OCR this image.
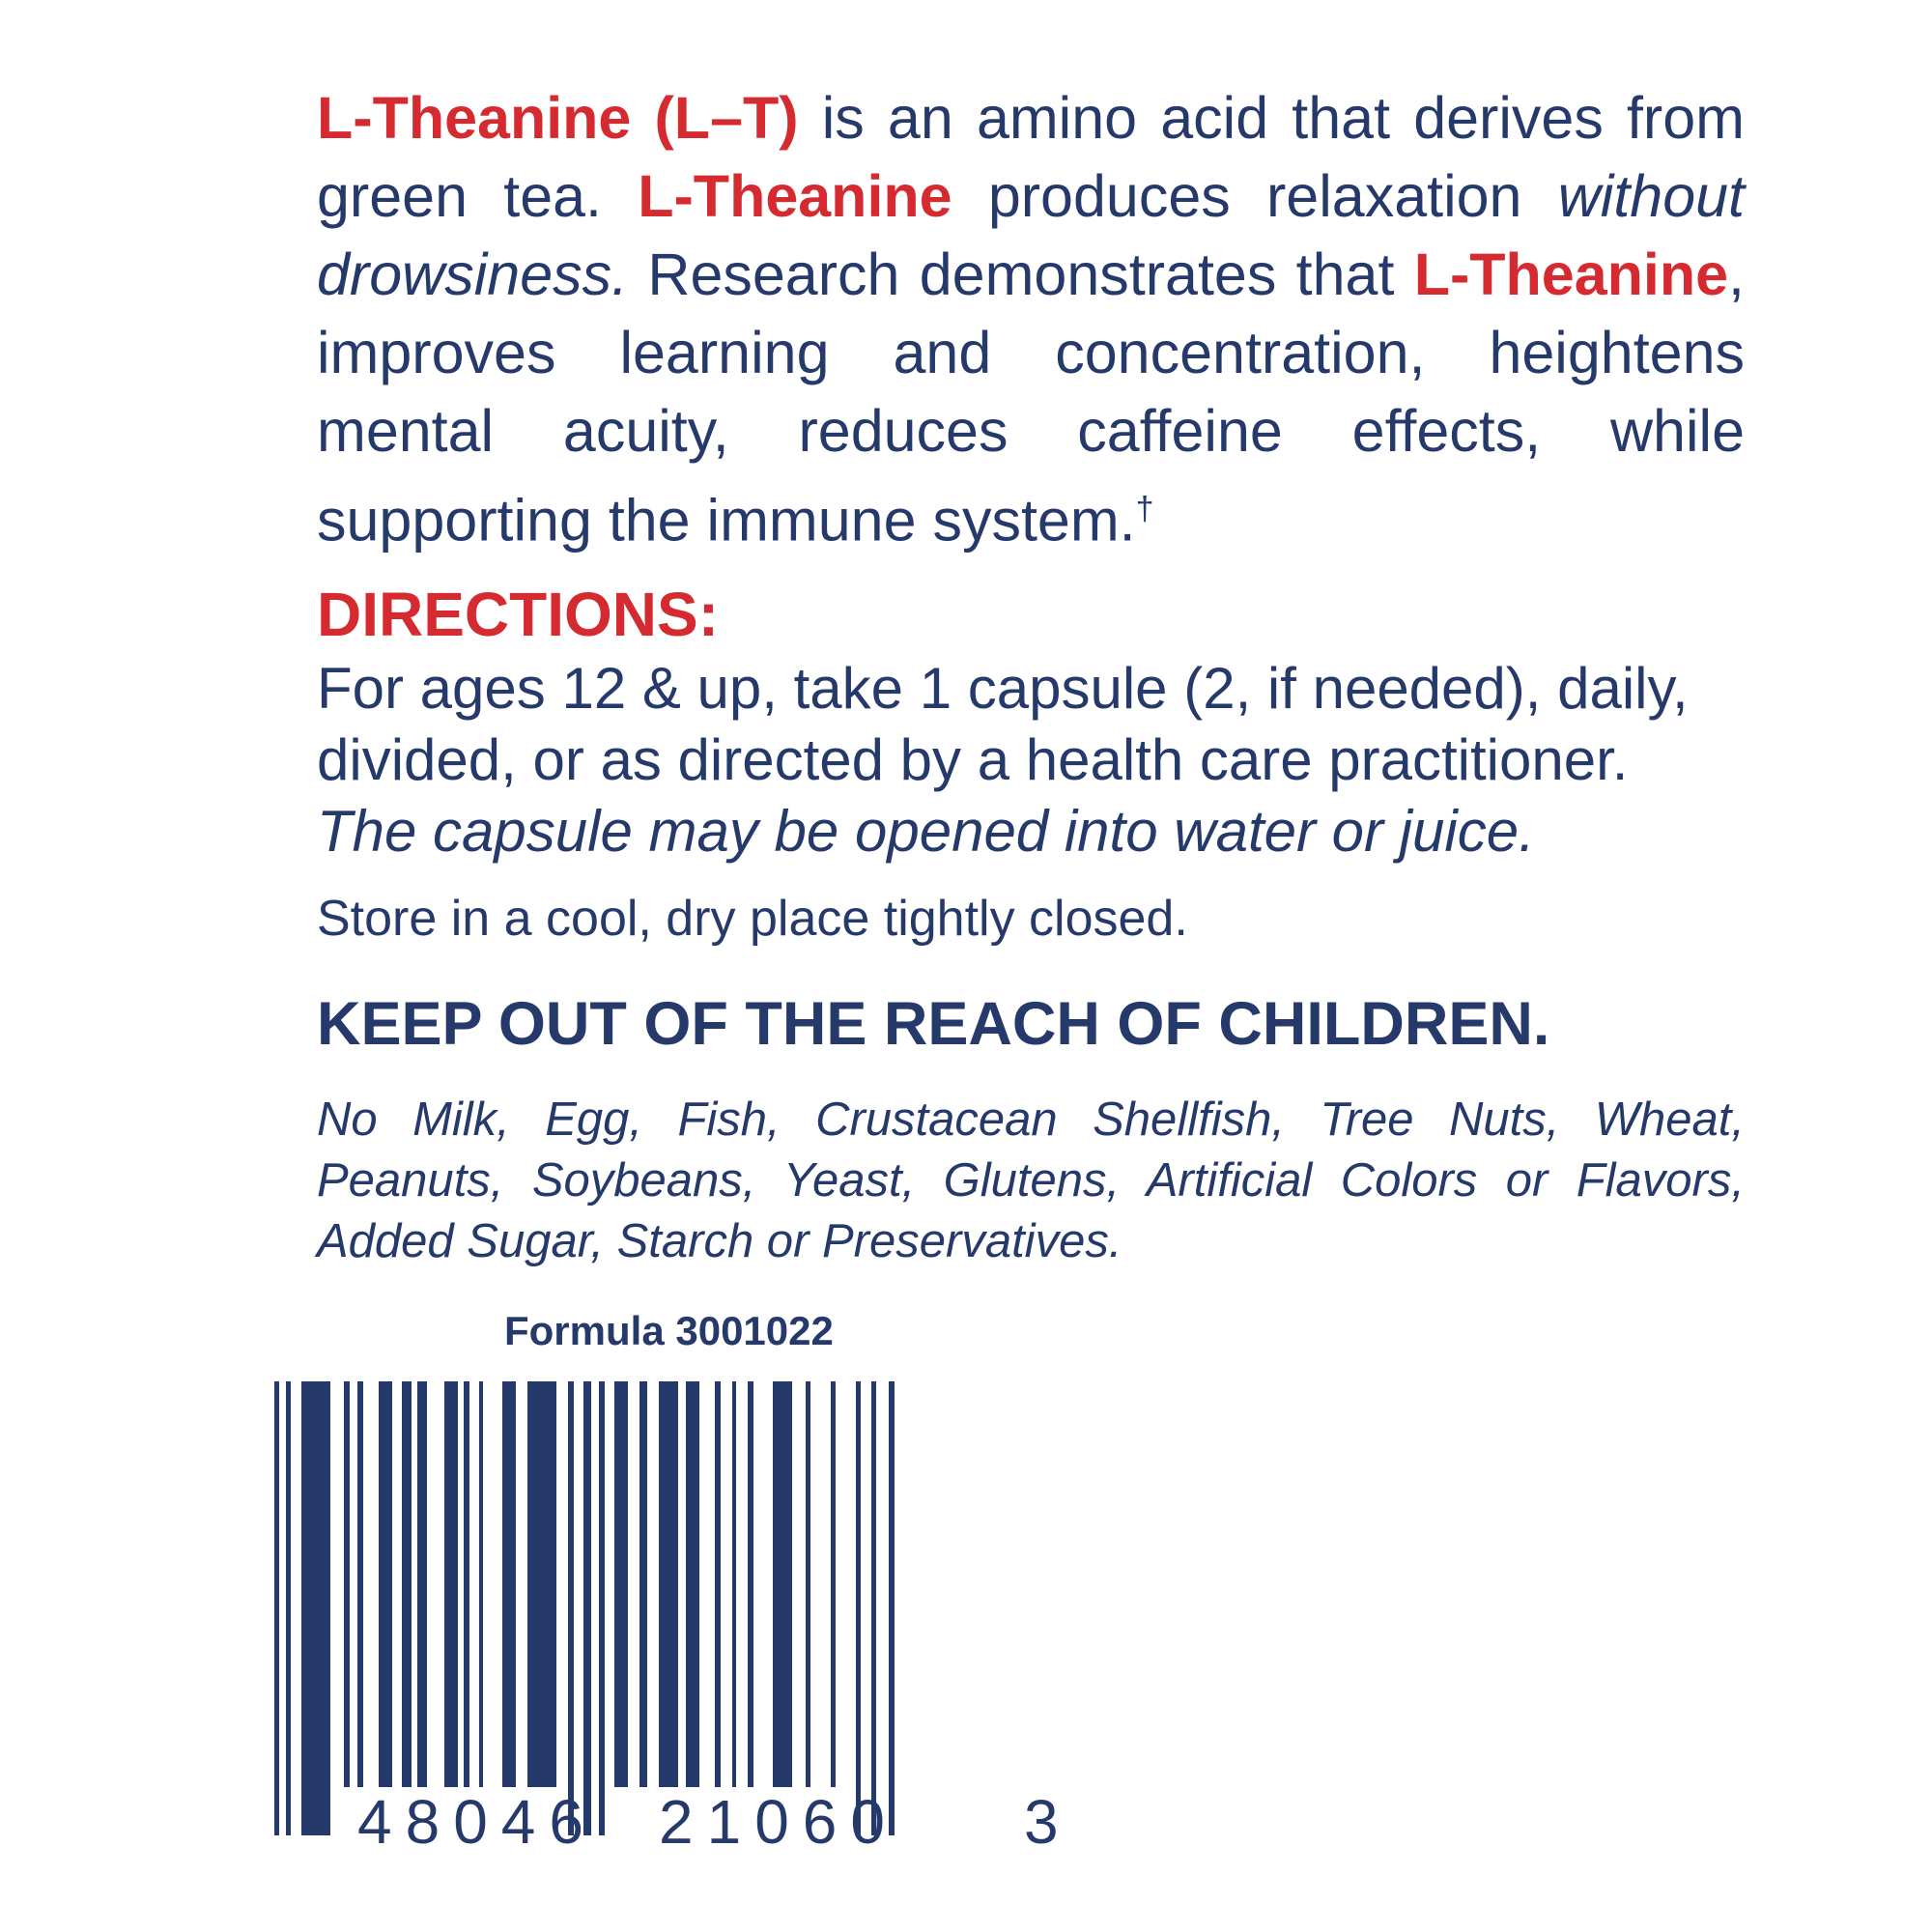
L-Theanine (L–T) is an amino acid that derives from green tea. L-Theanine produces relaxation without drowsiness. Research demonstrates that L-Theanine, improves learning and concentration, heightens mental acuity, reduces caffeine effects, while supporting the immune system.†
DIRECTIONS:
For ages 12 & up, take 1 capsule (2, if needed), daily, divided, or as directed by a health care practitioner.
The capsule may be opened into water or juice.
Store in a cool, dry place tightly closed.
KEEP OUT OF THE REACH OF CHILDREN.
No Milk, Egg, Fish, Crustacean Shellfish, Tree Nuts, Wheat, Peanuts, Soybeans, Yeast, Glutens, Artificial Colors or Flavors, Added Sugar, Starch or Preservatives.
Formula 3001022
48046 21060 3
